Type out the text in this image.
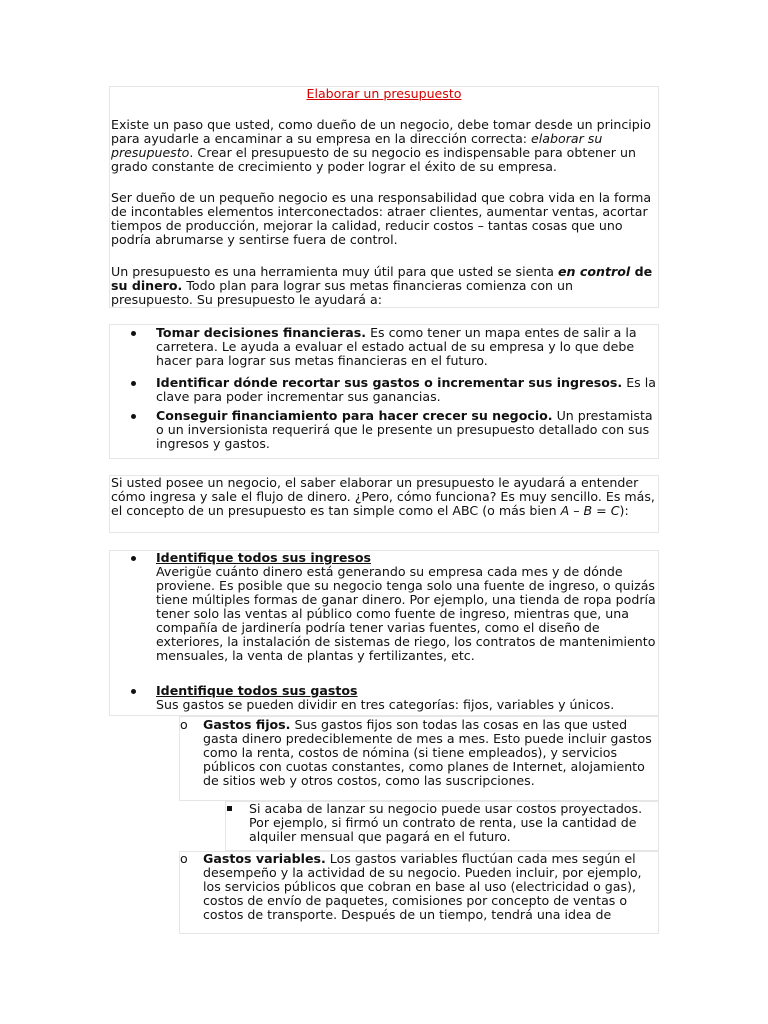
Elaborar un presupuesto

Existe un paso que usted, como dueño de un negocio, debe tomar desde un principio para ayudarle a encaminar a su empresa en la dirección correcta: elaborar su presupuesto. Crear el presupuesto de su negocio es indispensable para obtener un grado constante de crecimiento y poder lograr el éxito de su empresa.

Ser dueño de un pequeño negocio es una responsabilidad que cobra vida en la forma de incontables elementos interconectados: atraer clientes, aumentar ventas, acortar tiempos de producción, mejorar la calidad, reducir costos – tantas cosas que uno podría abrumarse y sentirse fuera de control.

Un presupuesto es una herramienta muy útil para que usted se sienta en control de su dinero. Todo plan para lograr sus metas financieras comienza con un presupuesto. Su presupuesto le ayudará a:

Tomar decisiones financieras. Es como tener un mapa entes de salir a la carretera. Le ayuda a evaluar el estado actual de su empresa y lo que debe hacer para lograr sus metas financieras en el futuro.

Identificar dónde recortar sus gastos o incrementar sus ingresos. Es la clave para poder incrementar sus ganancias.

Conseguir financiamiento para hacer crecer su negocio. Un prestamista o un inversionista requerirá que le presente un presupuesto detallado con sus ingresos y gastos.

Si usted posee un negocio, el saber elaborar un presupuesto le ayudará a entender cómo ingresa y sale el flujo de dinero. ¿Pero, cómo funciona? Es muy sencillo. Es más, el concepto de un presupuesto es tan simple como el ABC (o más bien A – B = C):

Identifique todos sus ingresos
Averigüe cuánto dinero está generando su empresa cada mes y de dónde proviene. Es posible que su negocio tenga solo una fuente de ingreso, o quizás tiene múltiples formas de ganar dinero. Por ejemplo, una tienda de ropa podría tener solo las ventas al público como fuente de ingreso, mientras que, una compañía de jardinería podría tener varias fuentes, como el diseño de exteriores, la instalación de sistemas de riego, los contratos de mantenimiento mensuales, la venta de plantas y fertilizantes, etc.

Identifique todos sus gastos
Sus gastos se pueden dividir en tres categorías: fijos, variables y únicos.

o Gastos fijos. Sus gastos fijos son todas las cosas en las que usted gasta dinero predeciblemente de mes a mes. Esto puede incluir gastos como la renta, costos de nómina (si tiene empleados), y servicios públicos con cuotas constantes, como planes de Internet, alojamiento de sitios web y otros costos, como las suscripciones.

Si acaba de lanzar su negocio puede usar costos proyectados. Por ejemplo, si firmó un contrato de renta, use la cantidad de alquiler mensual que pagará en el futuro.

o Gastos variables. Los gastos variables fluctúan cada mes según el desempeño y la actividad de su negocio. Pueden incluir, por ejemplo, los servicios públicos que cobran en base al uso (electricidad o gas), costos de envío de paquetes, comisiones por concepto de ventas o costos de transporte. Después de un tiempo, tendrá una idea de
